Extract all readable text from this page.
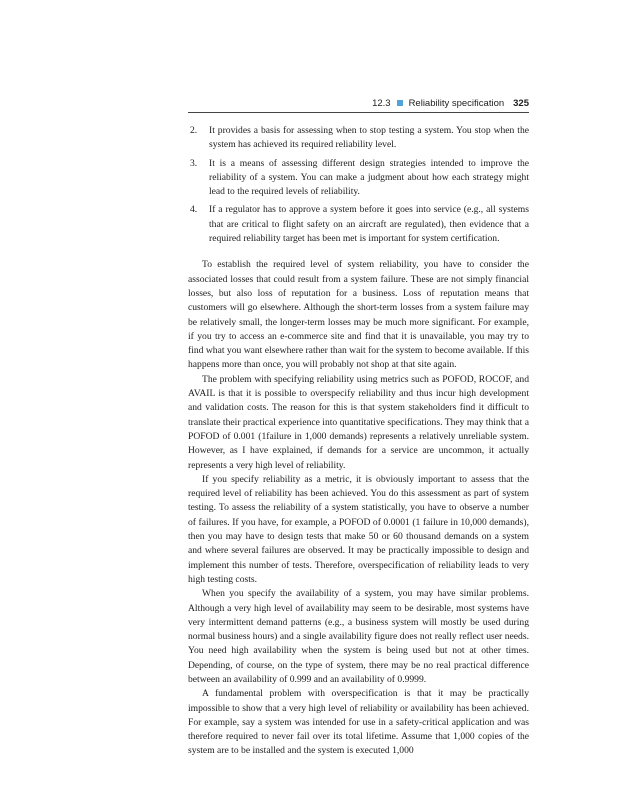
12.3 Reliability specification 325
2. It provides a basis for assessing when to stop testing a system. You stop when the system has achieved its required reliability level.
3. It is a means of assessing different design strategies intended to improve the reliability of a system. You can make a judgment about how each strategy might lead to the required levels of reliability.
4. If a regulator has to approve a system before it goes into service (e.g., all systems that are critical to flight safety on an aircraft are regulated), then evidence that a required reliability target has been met is important for system certification.

To establish the required level of system reliability, you have to consider the associated losses that could result from a system failure. These are not simply financial losses, but also loss of reputation for a business. Loss of reputation means that customers will go elsewhere. Although the short-term losses from a system failure may be relatively small, the longer-term losses may be much more significant. For example, if you try to access an e-commerce site and find that it is unavailable, you may try to find what you want elsewhere rather than wait for the system to become available. If this happens more than once, you will probably not shop at that site again.

The problem with specifying reliability using metrics such as POFOD, ROCOF, and AVAIL is that it is possible to overspecify reliability and thus incur high development and validation costs. The reason for this is that system stakeholders find it difficult to translate their practical experience into quantitative specifications. They may think that a POFOD of 0.001 (1failure in 1,000 demands) represents a relatively unreliable system. However, as I have explained, if demands for a service are uncommon, it actually represents a very high level of reliability.

If you specify reliability as a metric, it is obviously important to assess that the required level of reliability has been achieved. You do this assessment as part of system testing. To assess the reliability of a system statistically, you have to observe a number of failures. If you have, for example, a POFOD of 0.0001 (1 failure in 10,000 demands), then you may have to design tests that make 50 or 60 thousand demands on a system and where several failures are observed. It may be practically impossible to design and implement this number of tests. Therefore, overspecification of reliability leads to very high testing costs.

When you specify the availability of a system, you may have similar problems. Although a very high level of availability may seem to be desirable, most systems have very intermittent demand patterns (e.g., a business system will mostly be used during normal business hours) and a single availability figure does not really reflect user needs. You need high availability when the system is being used but not at other times. Depending, of course, on the type of system, there may be no real practical difference between an availability of 0.999 and an availability of 0.9999.

A fundamental problem with overspecification is that it may be practically impossible to show that a very high level of reliability or availability has been achieved. For example, say a system was intended for use in a safety-critical application and was therefore required to never fail over its total lifetime. Assume that 1,000 copies of the system are to be installed and the system is executed 1,000
